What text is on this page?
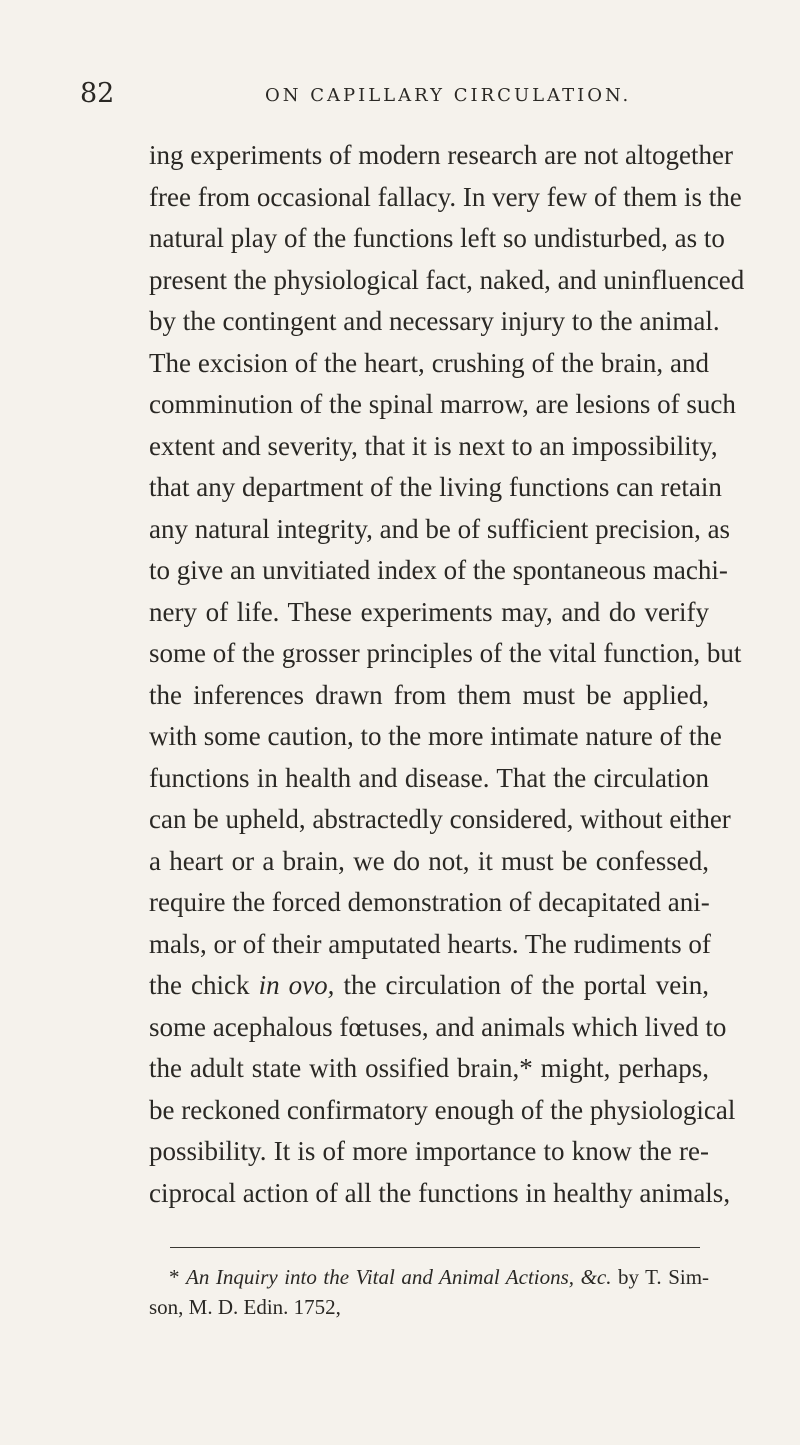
82	ON CAPILLARY CIRCULATION.
ing experiments of modern research are not altogether
free from occasional fallacy. In very few of them is the
natural play of the functions left so undisturbed, as to
present the physiological fact, naked, and uninfluenced
by the contingent and necessary injury to the animal.
The excision of the heart, crushing of the brain, and
comminution of the spinal marrow, are lesions of such
extent and severity, that it is next to an impossibility,
that any department of the living functions can retain
any natural integrity, and be of sufficient precision, as
to give an unvitiated index of the spontaneous machi-
nery of life. These experiments may, and do verify
some of the grosser principles of the vital function, but
the inferences drawn from them must be applied,
with some caution, to the more intimate nature of the
functions in health and disease. That the circulation
can be upheld, abstractedly considered, without either
a heart or a brain, we do not, it must be confessed,
require the forced demonstration of decapitated ani-
mals, or of their amputated hearts. The rudiments of
the chick in ovo, the circulation of the portal vein,
some acephalous fœtuses, and animals which lived to
the adult state with ossified brain,* might, perhaps,
be reckoned confirmatory enough of the physiological
possibility. It is of more importance to know the re-
ciprocal action of all the functions in healthy animals,
* An Inquiry into the Vital and Animal Actions, &c. by T. Sim-
son, M. D. Edin. 1752,
